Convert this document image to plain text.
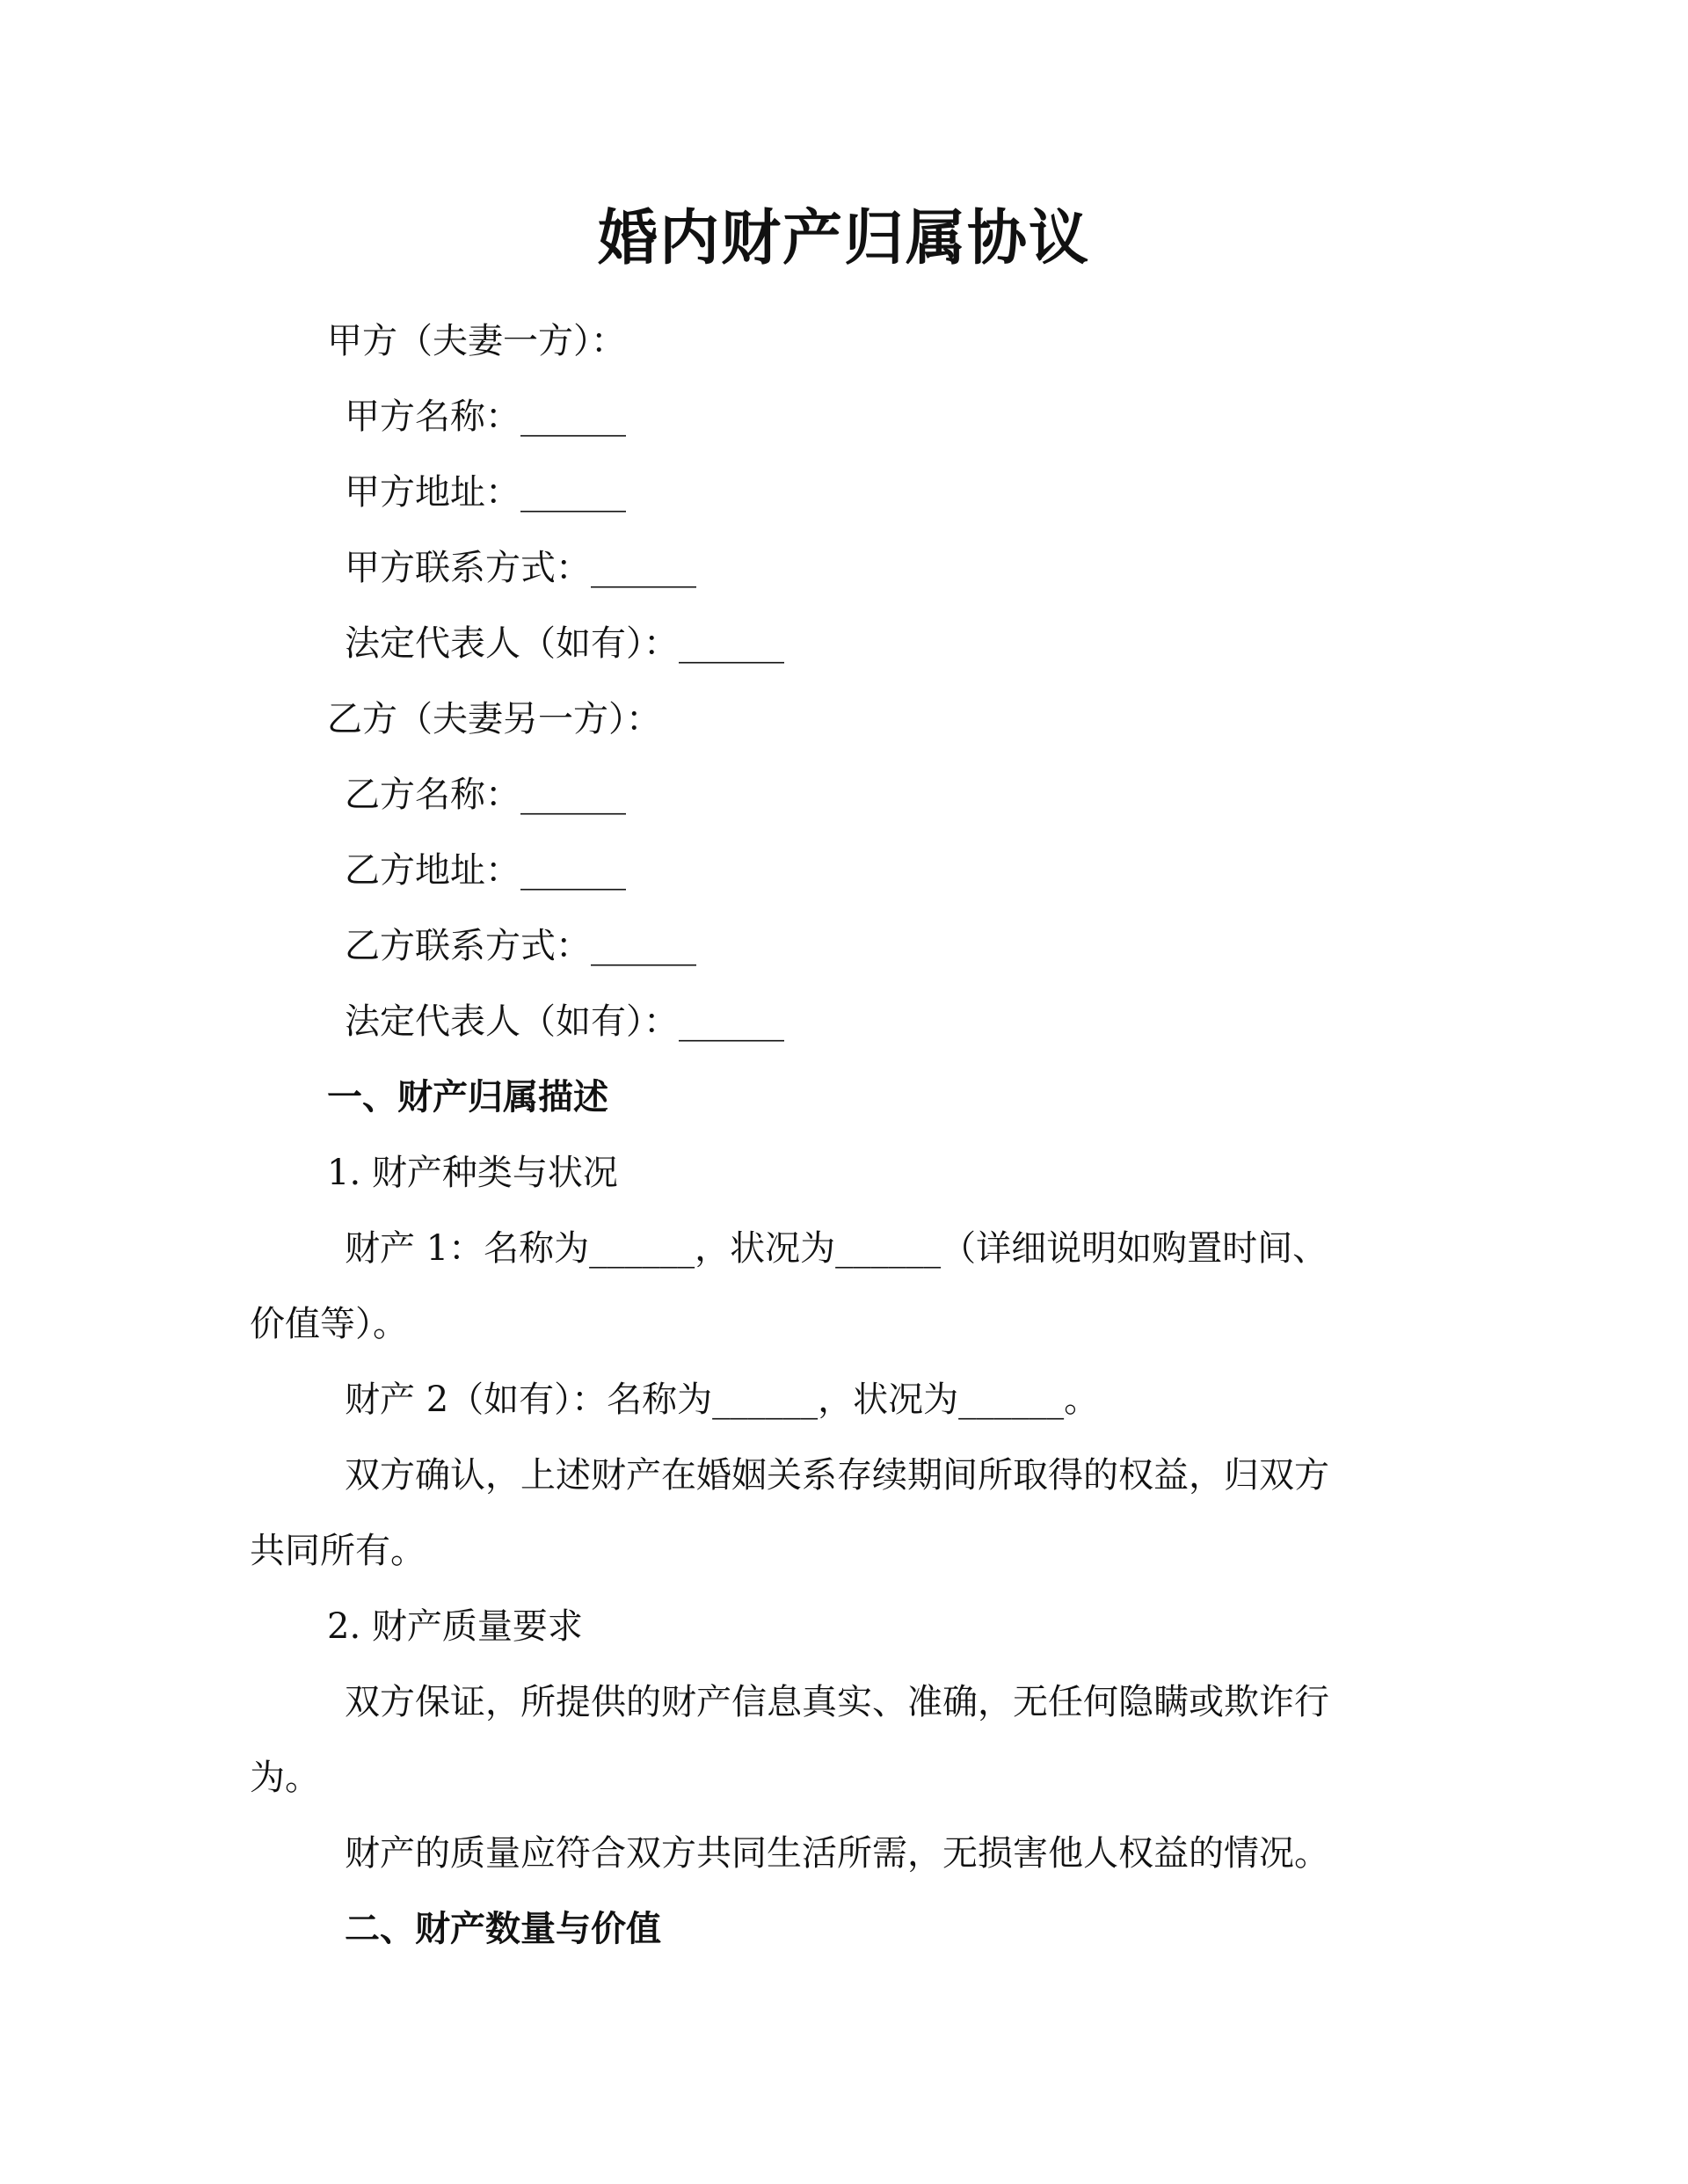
婚内财产归属协议
甲方（夫妻一方）：
甲方名称：______
甲方地址：______
甲方联系方式：______
法定代表人（如有）：______
乙方（夫妻另一方）：
乙方名称：______
乙方地址：______
乙方联系方式：______
法定代表人（如有）：______
一、财产归属描述
1. 财产种类与状况
财产 1：名称为______，状况为______（详细说明如购置时间、
价值等）。
财产 2（如有）：名称为______，状况为______。
双方确认，上述财产在婚姻关系存续期间所取得的权益，归双方
共同所有。
2. 财产质量要求
双方保证，所提供的财产信息真实、准确，无任何隐瞒或欺诈行
为。
财产的质量应符合双方共同生活所需，无损害他人权益的情况。
二、财产数量与价值
